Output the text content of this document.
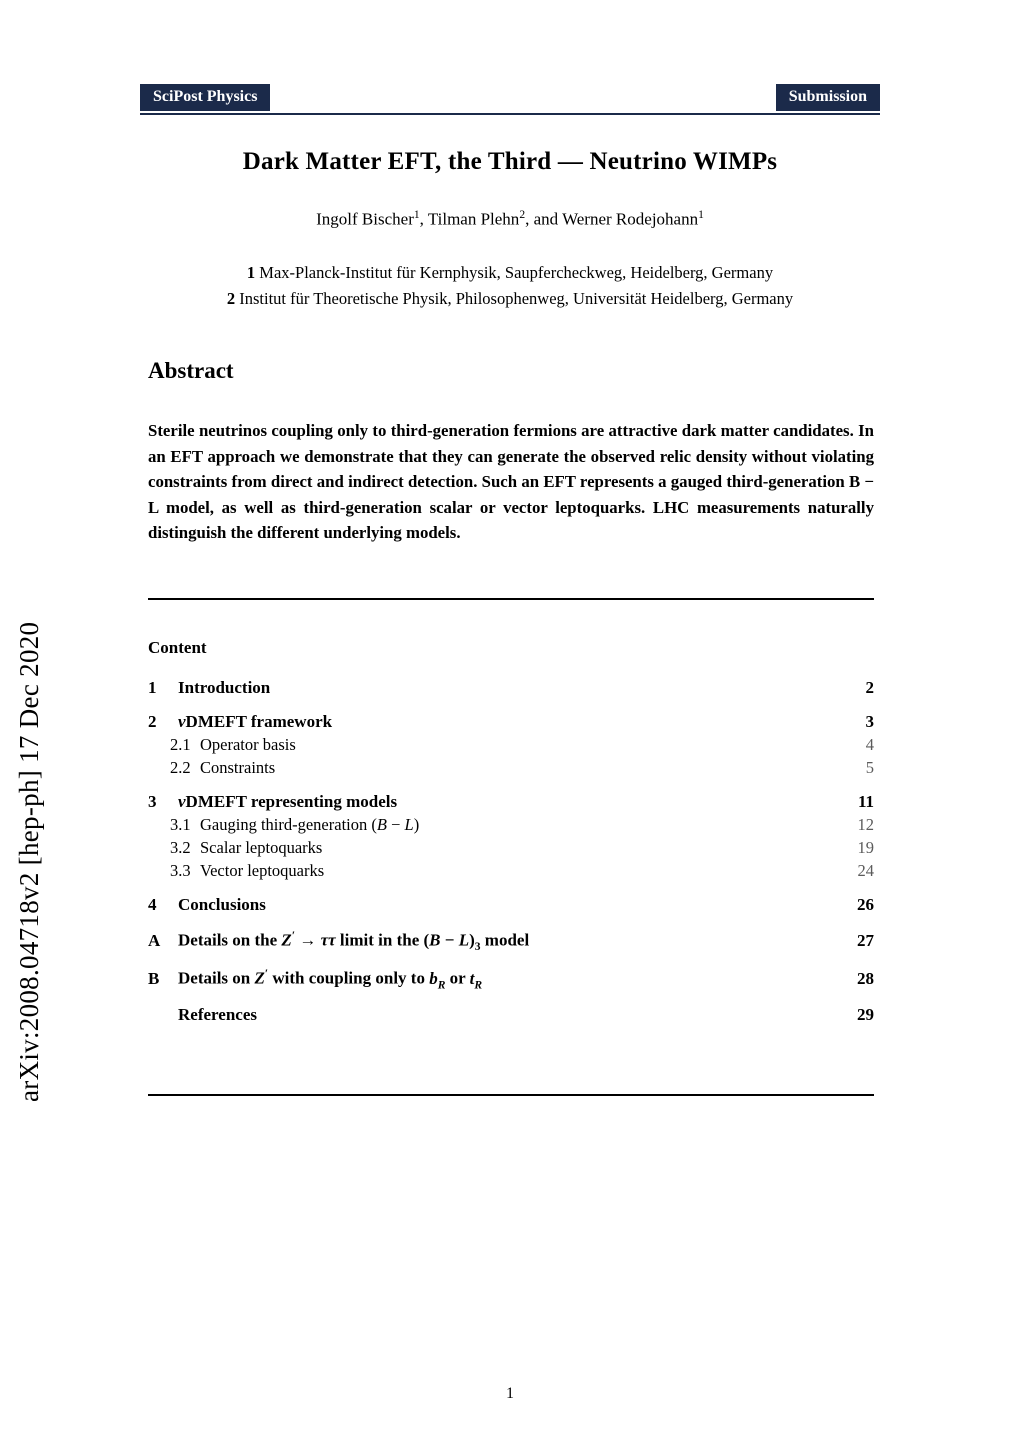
arXiv:2008.04718v2 [hep-ph] 17 Dec 2020
SciPost Physics	Submission
Dark Matter EFT, the Third — Neutrino WIMPs
Ingolf Bischer$^1$, Tilman Plehn$^2$, and Werner Rodejohann$^1$
1 Max-Planck-Institut für Kernphysik, Saupfercheckweg, Heidelberg, Germany
2 Institut für Theoretische Physik, Philosophenweg, Universität Heidelberg, Germany
Abstract
Sterile neutrinos coupling only to third-generation fermions are attractive dark matter candidates. In an EFT approach we demonstrate that they can generate the observed relic density without violating constraints from direct and indirect detection. Such an EFT represents a gauged third-generation B − L model, as well as third-generation scalar or vector leptoquarks. LHC measurements naturally distinguish the different underlying models.
Content
1	Introduction	2
2	νDMEFT framework	3
2.1 Operator basis	4
2.2 Constraints	5
3	νDMEFT representing models	11
3.1 Gauging third-generation (B − L)	12
3.2 Scalar leptoquarks	19
3.3 Vector leptoquarks	24
4	Conclusions	26
A	Details on the Z′ → ττ limit in the $(B - L)_3$ model	27
B	Details on Z′ with coupling only to $b_R$ or $t_R$	28
References	29
1
